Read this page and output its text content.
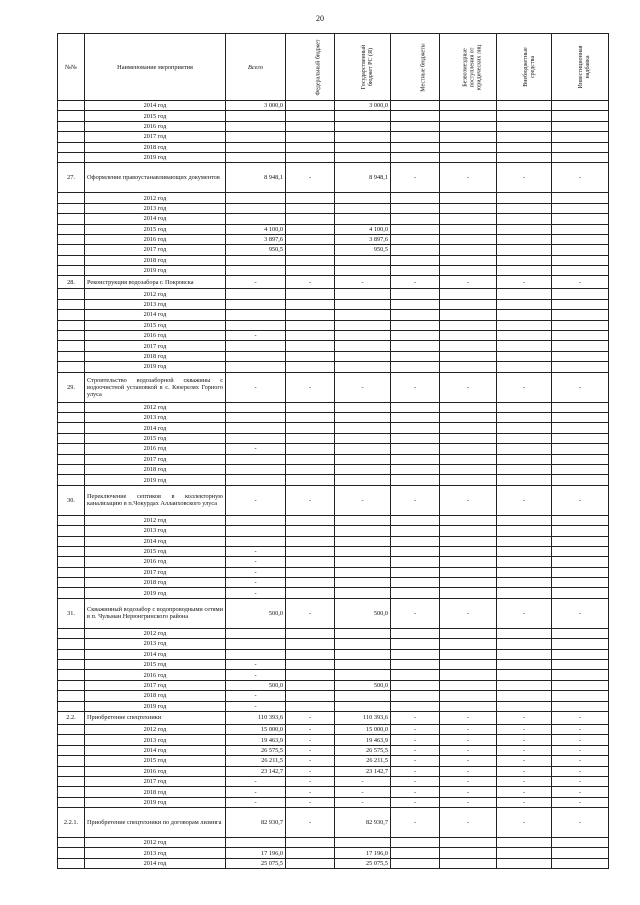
20
№№	Наименование мероприятия	Всего	Федеральный бюджет	Государственный бюджет РС (Я)	Местные бюджеты	Безвозмездные поступления от юридических лиц	Внебюджетные средства	Инвестиционная надбавка
	2014 год	3 000,0		3 000,0				
	2015 год							
	2016 год							
	2017 год							
	2018 год							
	2019 год							
27.	Оформление правоустанавливающих документов	8 948,1	-	8 948,1	-	-	-	-
	2012 год							
	2013 год							
	2014 год							
	2015 год	4 100,0		4 100,0				
	2016 год	3 897,6		3 897,6				
	2017 год	950,5		950,5				
	2018 год							
	2019 год							
28.	Реконструкция водозабора г. Покровска	-	-	-	-	-	-	-
	2012 год							
	2013 год							
	2014 год							
	2015 год							
	2016 год	-						
	2017 год							
	2018 год							
	2019 год							
29.	Строительство водозаборной скважины с водоочистной установкой в с. Кюерелях Горного улуса	-	-	-	-	-	-	-
	2012 год							
	2013 год							
	2014 год							
	2015 год							
	2016 год	-						
	2017 год							
	2018 год							
	2019 год							
30.	Переключение септиков в коллекторную канализацию в п.Чокурдах Аллаиховского улуса	-	-	-	-	-	-	-
	2012 год							
	2013 год							
	2014 год							
	2015 год	-						
	2016 год	-						
	2017 год	-						
	2018 год	-						
	2019 год	-						
31.	Скважинный водозабор с водопроводными сетями в п. Чульман Нерюнгринского района	500,0	-	500,0	-	-	-	-
	2012 год							
	2013 год							
	2014 год							
	2015 год	-						
	2016 год	-						
	2017 год	500,0		500,0				
	2018 год	-						
	2019 год	-						
2.2.	Приобретение спецтехники	110 393,6	-	110 393,6	-	-	-	-
	2012 год	15 000,0	-	15 000,0	-	-	-	-
	2013 год	19 463,9	-	19 463,9	-	-	-	-
	2014 год	26 575,5	-	26 575,5	-	-	-	-
	2015 год	26 211,5	-	26 211,5	-	-	-	-
	2016 год	23 142,7	-	23 142,7	-	-	-	-
	2017 год	-	-	-	-	-	-	-
	2018 год	-	-	-	-	-	-	-
	2019 год	-	-	-	-	-	-	-
2.2.1.	Приобретение спецтехники по договорам лизинга	82 930,7	-	82 930,7	-	-	-	-
	2012 год							
	2013 год	17 196,0		17 196,0				
	2014 год	25 075,5		25 075,5				
